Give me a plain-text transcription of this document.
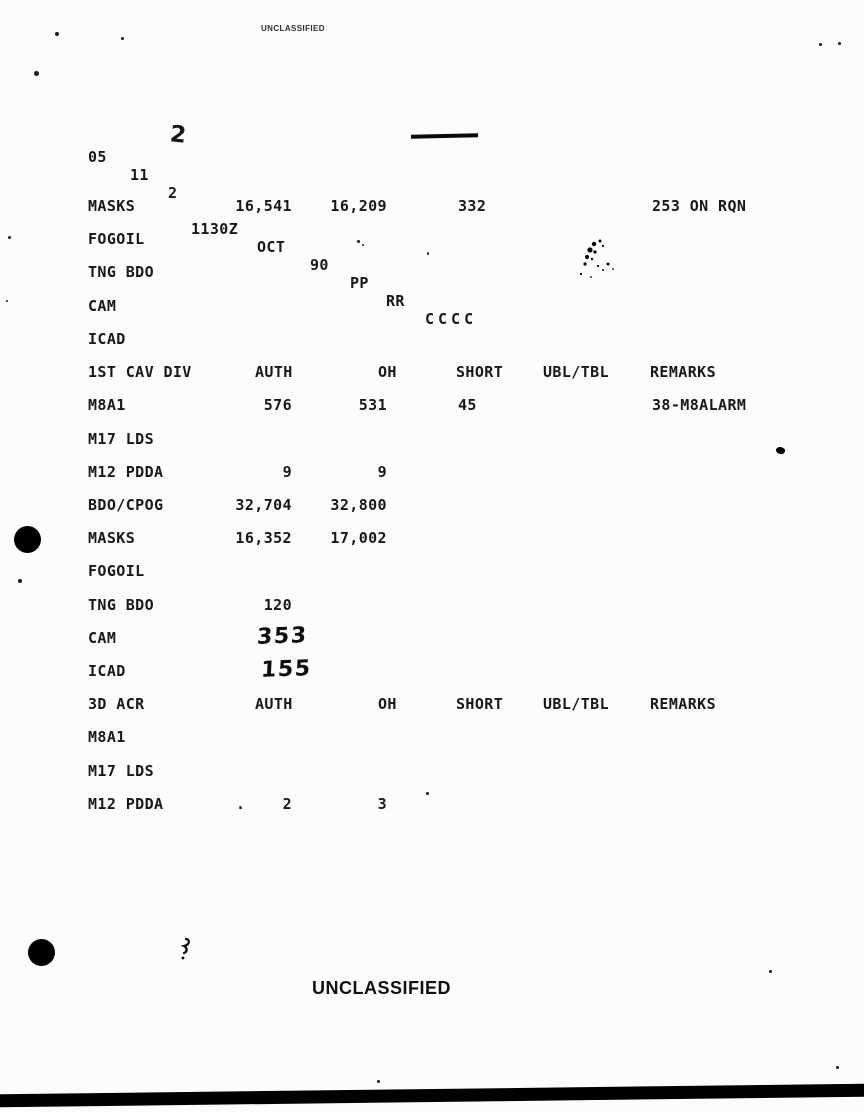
UNCLASSIFIED

05

11

2

2

1130Z

OCT

90

PP

RR

CCCC

MASKS	16,541	16,209	332	253 ON RQN
FOGOIL
TNG BDO
CAM
ICAD
1ST CAV DIV	AUTH	OH	SHORT	UBL/TBL	REMARKS
M8A1	576	531	45	38-M8ALARM
M17 LDS
M12 PDDA	9	9
BDO/CPOG	32,704	32,800
MASKS	16,352	17,002
FOGOIL
TNG BDO	120
CAM	353
ICAD	155
3D ACR	AUTH	OH	SHORT	UBL/TBL	REMARKS
M8A1
M17 LDS
M12 PDDA	.	2	3
UNCLASSIFIED
